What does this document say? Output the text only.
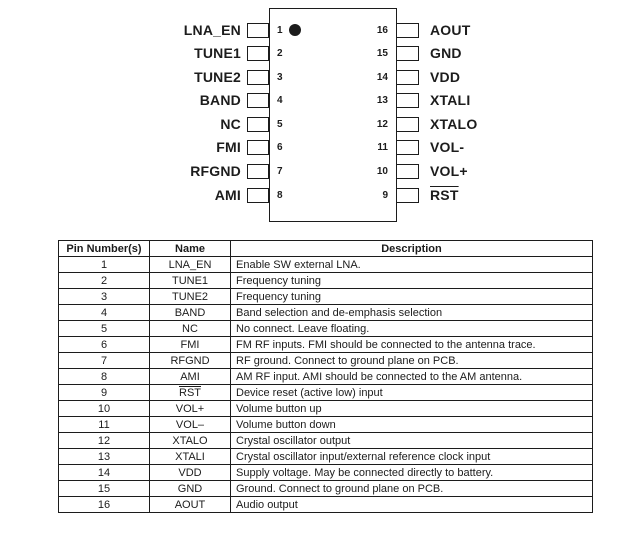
LNA_EN	1	16	AOUT
TUNE1	2	15	GND
TUNE2	3	14	VDD
BAND	4	13	XTALI
NC	5	12	XTALO
FMI	6	11	VOL-
RFGND	7	10	VOL+
AMI	8	9	$\overline{RST}$
Pin Number(s)	Name	Description
1	LNA_EN	Enable SW external LNA.
2	TUNE1	Frequency tuning
3	TUNE2	Frequency tuning
4	BAND	Band selection and de-emphasis selection
5	NC	No connect. Leave floating.
6	FMI	FM RF inputs. FMI should be connected to the antenna trace.
7	RFGND	RF ground. Connect to ground plane on PCB.
8	AMI	AM RF input. AMI should be connected to the AM antenna.
9	$\overline{RST}$	Device reset (active low) input
10	VOL+	Volume button up
11	VOL–	Volume button down
12	XTALO	Crystal oscillator output
13	XTALI	Crystal oscillator input/external reference clock input
14	VDD	Supply voltage. May be connected directly to battery.
15	GND	Ground. Connect to ground plane on PCB.
16	AOUT	Audio output
